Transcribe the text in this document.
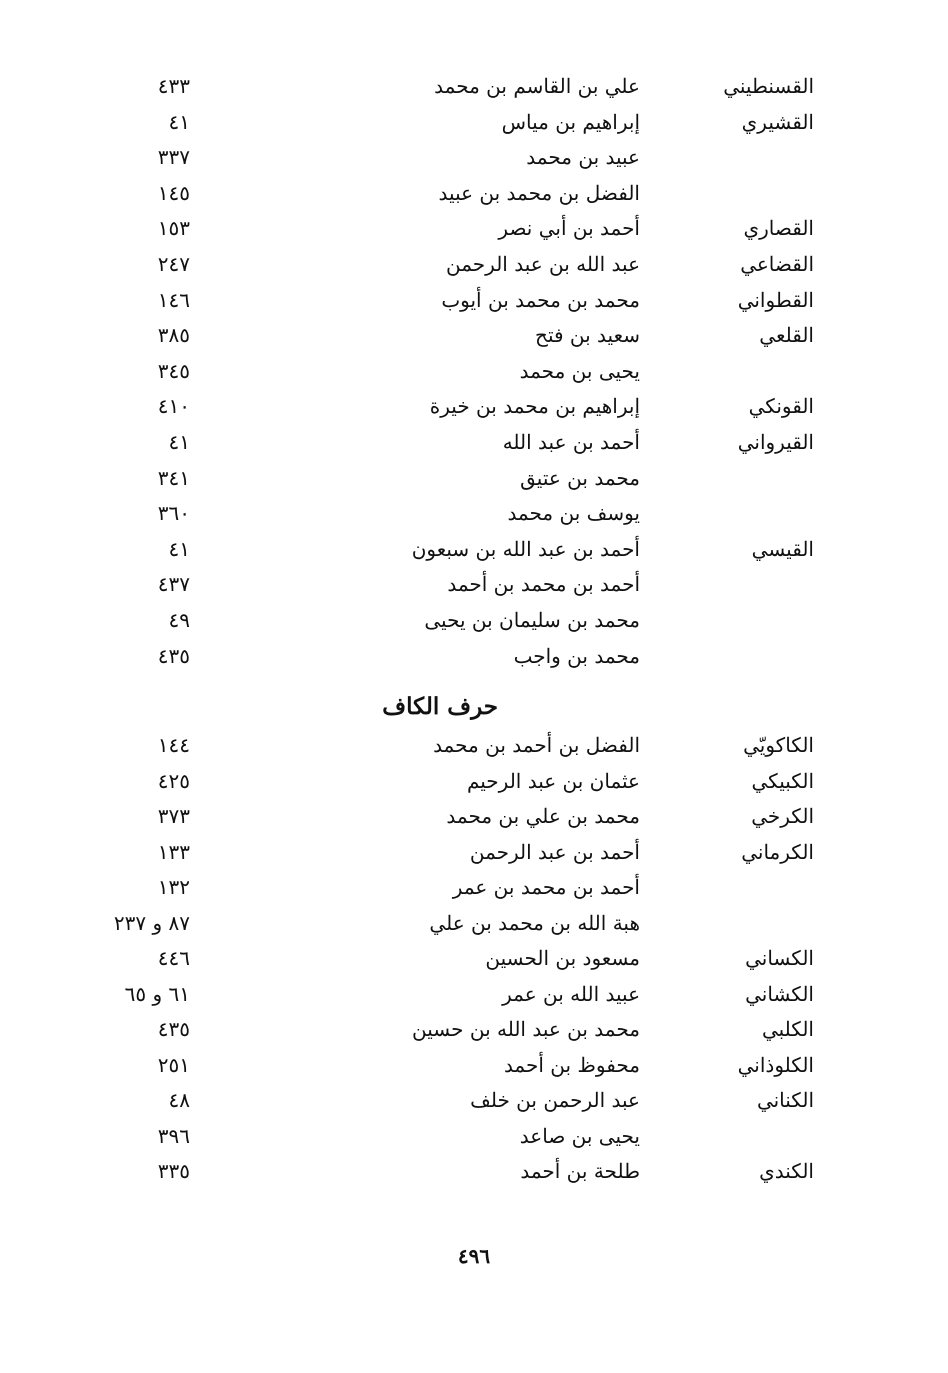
القسنطيني
علي بن القاسم بن محمد
٤٣٣
القشيري
إبراهيم بن مياس
٤١
عبيد بن محمد
٣٣٧
الفضل بن محمد بن عبيد
١٤٥
القصاري
أحمد بن أبي نصر
١٥٣
القضاعي
عبد الله بن عبد الرحمن
٢٤٧
القطواني
محمد بن محمد بن أيوب
١٤٦
القلعي
سعيد بن فتح
٣٨٥
يحيى بن محمد
٣٤٥
القونكي
إبراهيم بن محمد بن خيرة
٤١٠
القيرواني
أحمد بن عبد الله
٤١
محمد بن عتيق
٣٤١
يوسف بن محمد
٣٦٠
القيسي
أحمد بن عبد الله بن سبعون
٤١
أحمد بن محمد بن أحمد
٤٣٧
محمد بن سليمان بن يحيى
٤٩
محمد بن واجب
٤٣٥
حرف الكاف
الكاكويّي
الفضل بن أحمد بن محمد
١٤٤
الكبيكي
عثمان بن عبد الرحيم
٤٢٥
الكرخي
محمد بن علي بن محمد
٣٧٣
الكرماني
أحمد بن عبد الرحمن
١٣٣
أحمد بن محمد بن عمر
١٣٢
هبة الله بن محمد بن علي
٨٧ و ٢٣٧
الكساني
مسعود بن الحسين
٤٤٦
الكشاني
عبيد الله بن عمر
٦١ و ٦٥
الكلبي
محمد بن عبد الله بن حسين
٤٣٥
الكلوذاني
محفوظ بن أحمد
٢٥١
الكناني
عبد الرحمن بن خلف
٤٨
يحيى بن صاعد
٣٩٦
الكندي
طلحة بن أحمد
٣٣٥
٤٩٦
